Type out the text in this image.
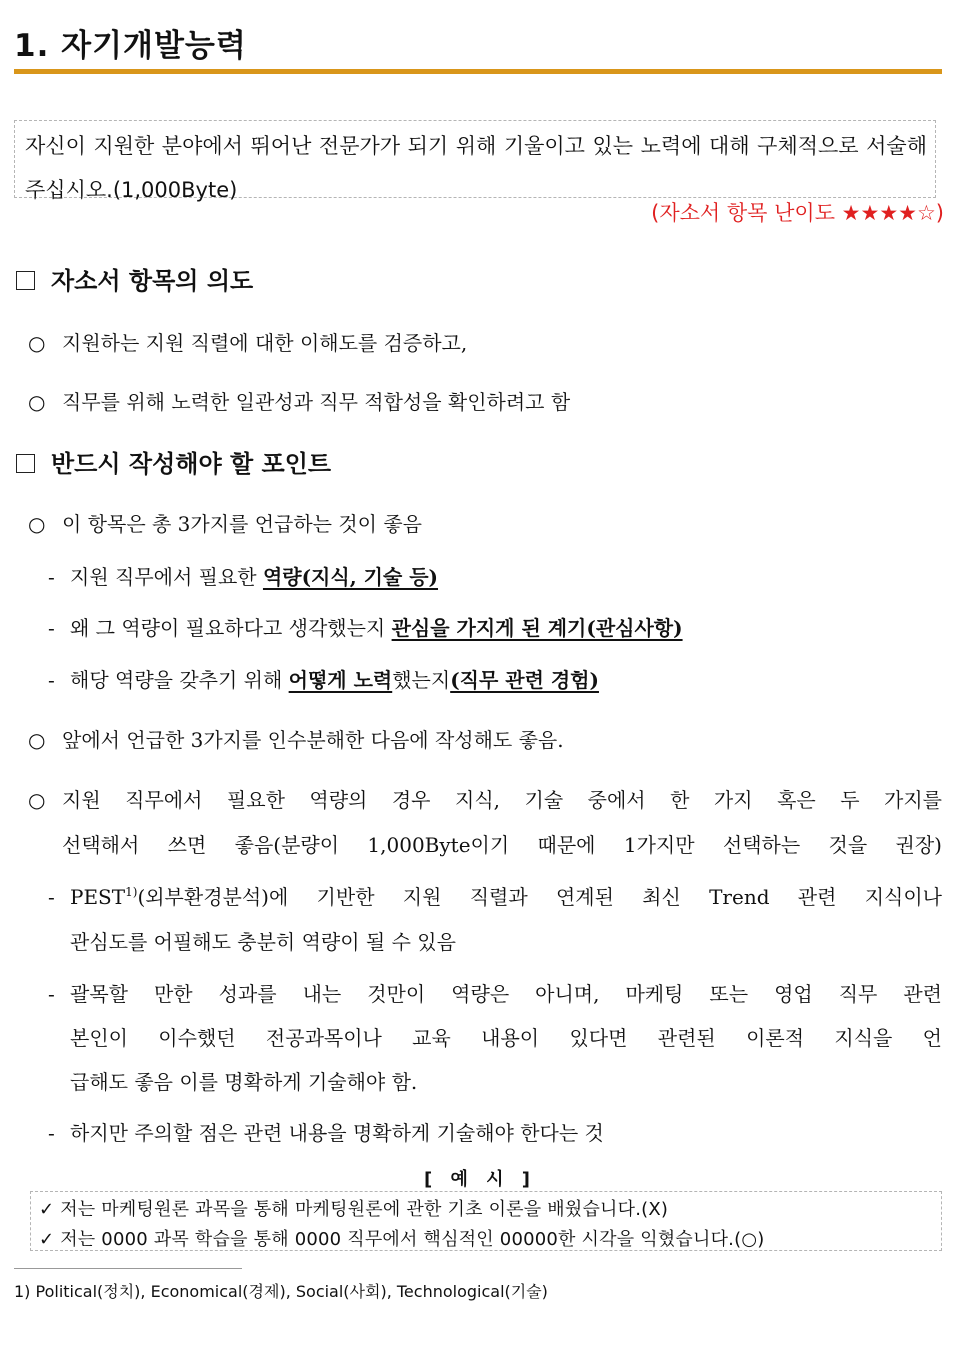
1. 자기개발능력
자신이 지원한 분야에서 뛰어난 전문가가 되기 위해 기울이고 있는 노력에 대해 구체적으로 서술해 주십시오.(1,000Byte)
(자소서 항목 난이도 ★★★★☆)
자소서 항목의 의도
○ 지원하는 지원 직렬에 대한 이해도를 검증하고,
○ 직무를 위해 노력한 일관성과 직무 적합성을 확인하려고 함
반드시 작성해야 할 포인트
○ 이 항목은 총 3가지를 언급하는 것이 좋음
- 지원 직무에서 필요한 역량(지식, 기술 등)
- 왜 그 역량이 필요하다고 생각했는지 관심을 가지게 된 계기(관심사항)
- 해당 역량을 갖추기 위해 어떻게 노력했는지(직무 관련 경험)
○ 앞에서 언급한 3가지를 인수분해한 다음에 작성해도 좋음.
○ 지원 직무에서 필요한 역량의 경우 지식, 기술 중에서 한 가지 혹은 두 가지를
선택해서 쓰면 좋음(분량이 1,000Byte이기 때문에 1가지만 선택하는 것을 권장)
- PEST$^{1)}$(외부환경분석)에 기반한 지원 직렬과 연계된 최신 Trend 관련 지식이나
관심도를 어필해도 충분히 역량이 될 수 있음
- 괄목할 만한 성과를 내는 것만이 역량은 아니며, 마케팅 또는 영업 직무 관련
본인이 이수했던 전공과목이나 교육 내용이 있다면 관련된 이론적 지식을 언
급해도 좋음 이를 명확하게 기술해야 함.
- 하지만 주의할 점은 관련 내용을 명확하게 기술해야 한다는 것
[ 예 시 ]
✓ 저는 마케팅원론 과목을 통해 마케팅원론에 관한 기초 이론을 배웠습니다.(X)
✓ 저는 0000 과목 학습을 통해 0000 직무에서 핵심적인 00000한 시각을 익혔습니다.(○)
1) Political(정치), Economical(경제), Social(사회), Technological(기술)
